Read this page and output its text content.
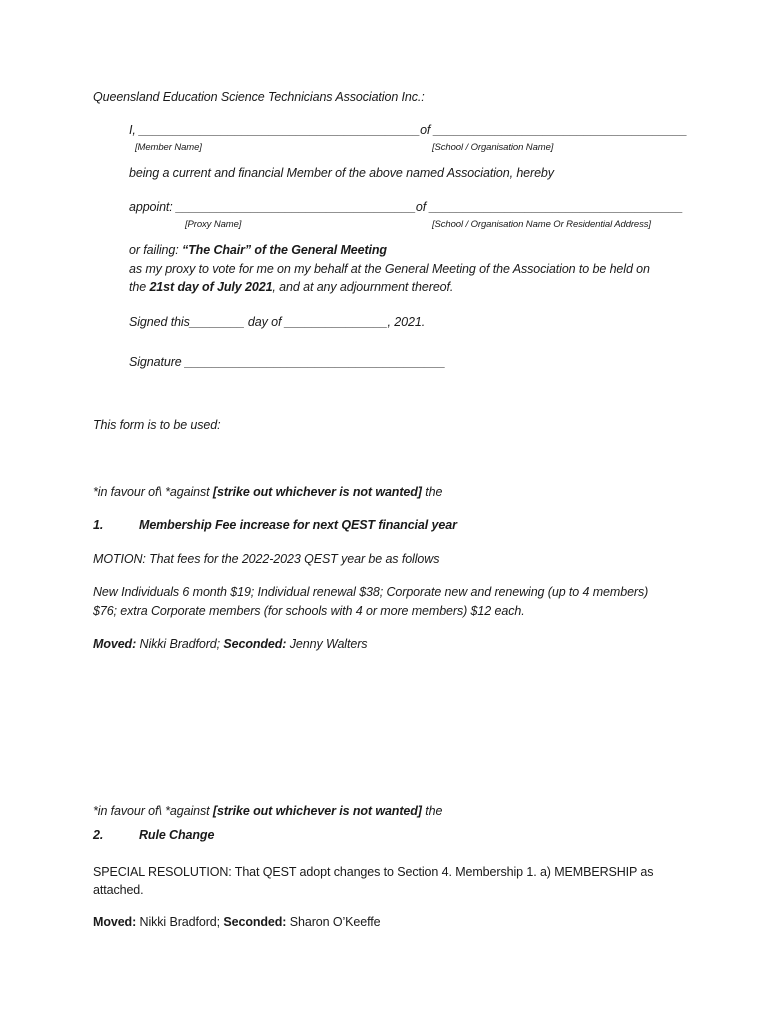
Queensland Education Science Technicians Association Inc.:
I, _________________________________________of _____________________________________
[Member Name]	[School / Organisation Name]
being a current and financial Member of the above named Association, hereby
appoint: ___________________________________of _____________________________________
[Proxy Name]	[School / Organisation Name Or Residential Address]
or failing: “The Chair” of the General Meeting
as my proxy to vote for me on my behalf at the General Meeting of the Association to be held on
the 21st day of July 2021, and at any adjournment thereof.
Signed this________ day of _______________, 2021.
Signature ______________________________________
This form is to be used:
*in favour of\ *against [strike out whichever is not wanted] the
1.	Membership Fee increase for next QEST financial year
MOTION: That fees for the 2022-2023 QEST year be as follows
New Individuals 6 month $19; Individual renewal $38; Corporate new and renewing (up to 4 members)
$76; extra Corporate members (for schools with 4 or more members) $12 each.
Moved: Nikki Bradford; Seconded: Jenny Walters
*in favour of\ *against [strike out whichever is not wanted] the
2.	Rule Change
SPECIAL RESOLUTION: That QEST adopt changes to Section 4. Membership 1. a) MEMBERSHIP as
attached.
Moved: Nikki Bradford; Seconded: Sharon O’Keeffe
